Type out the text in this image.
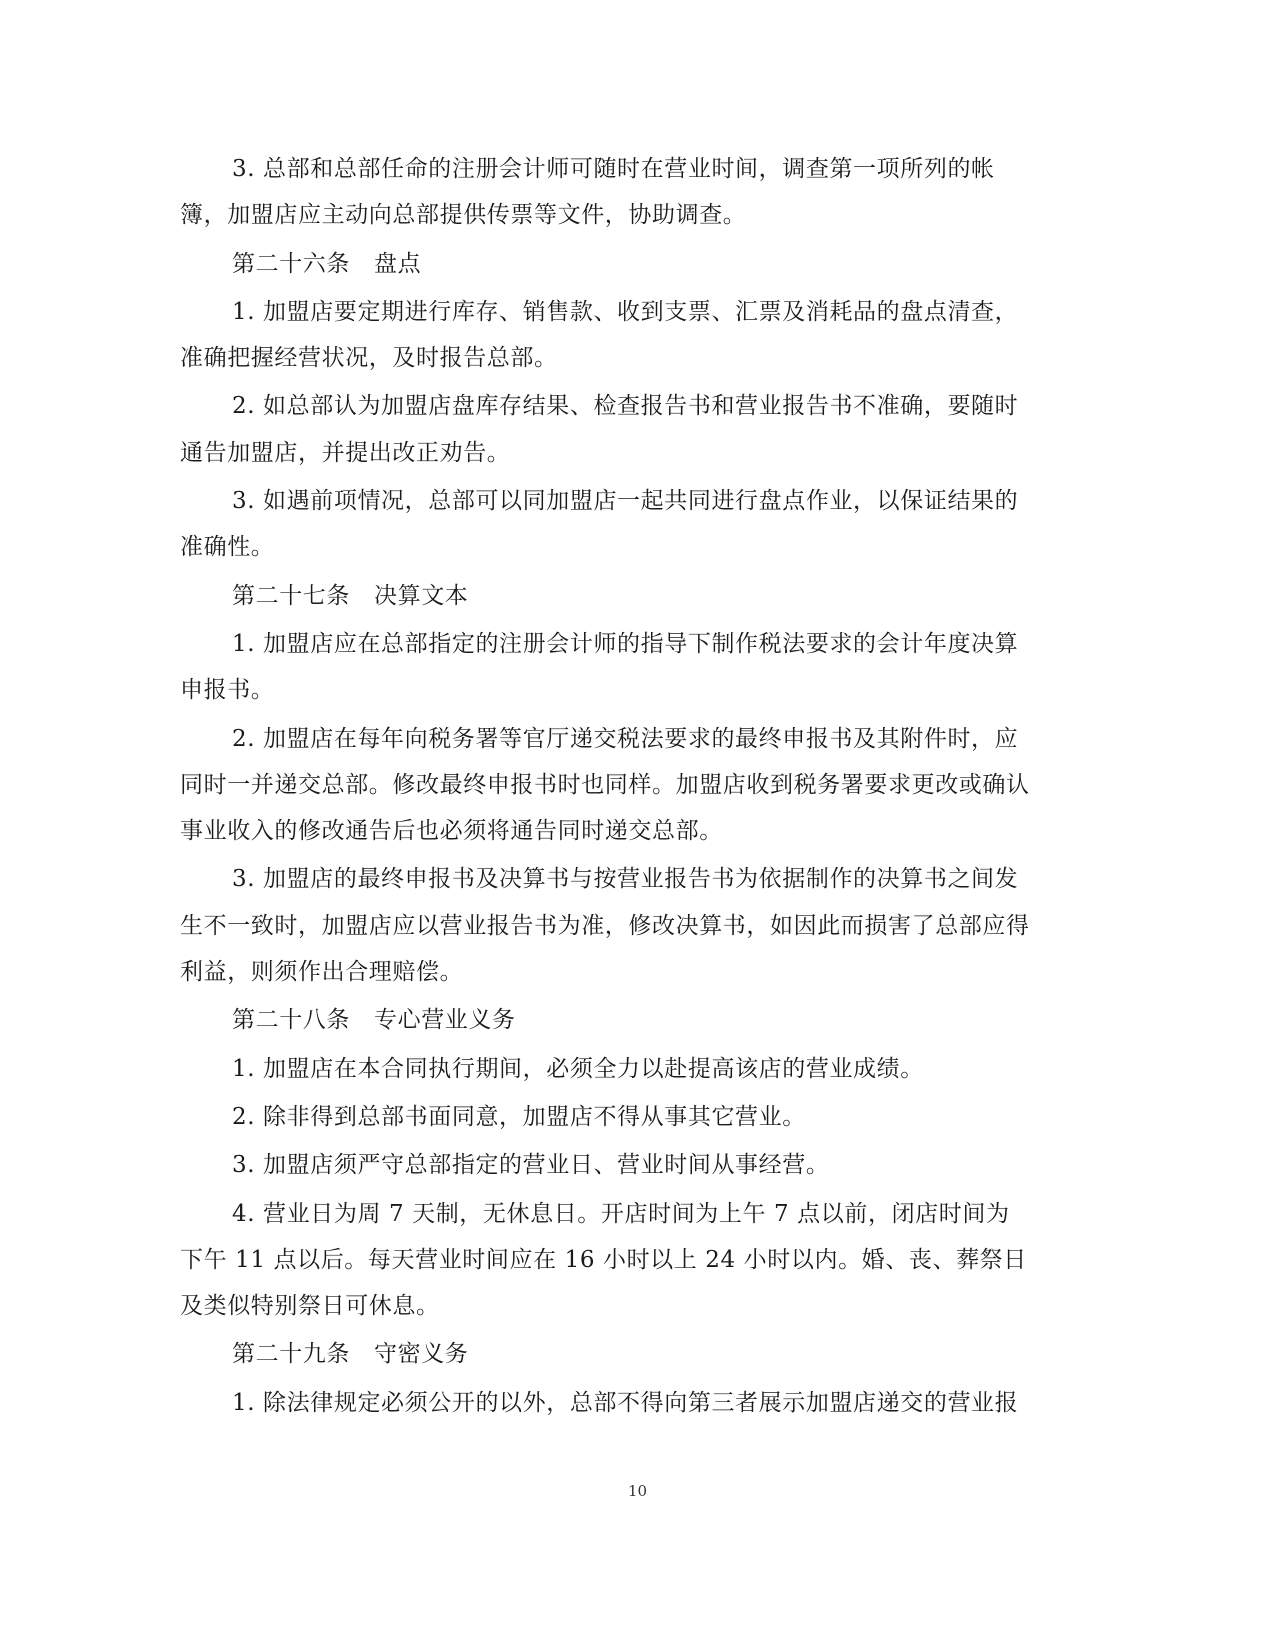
3. 总部和总部任命的注册会计师可随时在营业时间，调查第一项所列的帐簿，加盟店应主动向总部提供传票等文件，协助调查。

第二十六条 盘点

1. 加盟店要定期进行库存、销售款、收到支票、汇票及消耗品的盘点清查，准确把握经营状况，及时报告总部。

2. 如总部认为加盟店盘库存结果、检查报告书和营业报告书不准确，要随时通告加盟店，并提出改正劝告。

3. 如遇前项情况，总部可以同加盟店一起共同进行盘点作业，以保证结果的准确性。

第二十七条 决算文本

1. 加盟店应在总部指定的注册会计师的指导下制作税法要求的会计年度决算申报书。

2. 加盟店在每年向税务署等官厅递交税法要求的最终申报书及其附件时，应同时一并递交总部。修改最终申报书时也同样。加盟店收到税务署要求更改或确认事业收入的修改通告后也必须将通告同时递交总部。

3. 加盟店的最终申报书及决算书与按营业报告书为依据制作的决算书之间发生不一致时，加盟店应以营业报告书为准，修改决算书，如因此而损害了总部应得利益，则须作出合理赔偿。

第二十八条 专心营业义务

1. 加盟店在本合同执行期间，必须全力以赴提高该店的营业成绩。

2. 除非得到总部书面同意，加盟店不得从事其它营业。

3. 加盟店须严守总部指定的营业日、营业时间从事经营。

4. 营业日为周 7 天制，无休息日。开店时间为上午 7 点以前，闭店时间为下午 11 点以后。每天营业时间应在 16 小时以上 24 小时以内。婚、丧、葬祭日及类似特别祭日可休息。

第二十九条 守密义务

1. 除法律规定必须公开的以外，总部不得向第三者展示加盟店递交的营业报

10
